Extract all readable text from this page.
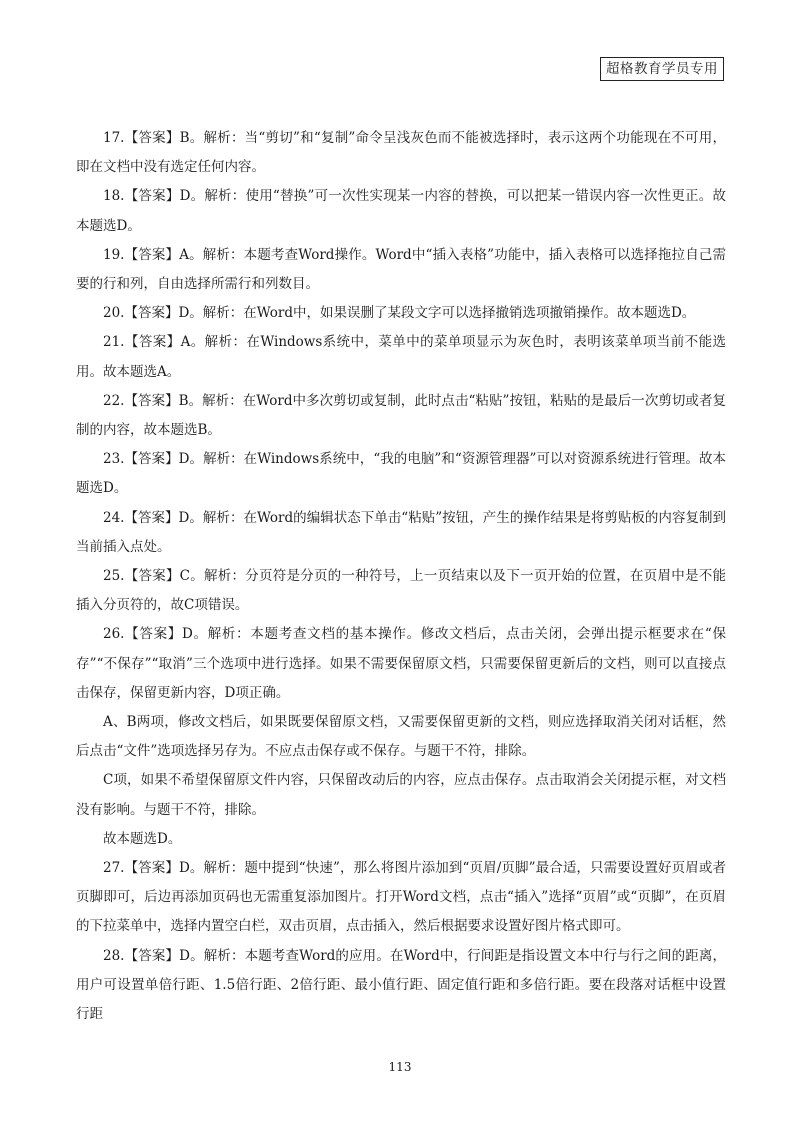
超格教育学员专用

17.【答案】B。解析：当“剪切”和“复制”命令呈浅灰色而不能被选择时，表示这两个功能现在不可用，即在文档中没有选定任何内容。

18.【答案】D。解析：使用“替换”可一次性实现某一内容的替换，可以把某一错误内容一次性更正。故本题选D。

19.【答案】A。解析：本题考查Word操作。Word中“插入表格”功能中，插入表格可以选择拖拉自己需要的行和列，自由选择所需行和列数目。

20.【答案】D。解析：在Word中，如果误删了某段文字可以选择撤销选项撤销操作。故本题选D。

21.【答案】A。解析：在Windows系统中，菜单中的菜单项显示为灰色时，表明该菜单项当前不能选用。故本题选A。

22.【答案】B。解析：在Word中多次剪切或复制，此时点击“粘贴”按钮，粘贴的是最后一次剪切或者复制的内容，故本题选B。

23.【答案】D。解析：在Windows系统中，“我的电脑”和“资源管理器”可以对资源系统进行管理。故本题选D。

24.【答案】D。解析：在Word的编辑状态下单击“粘贴”按钮，产生的操作结果是将剪贴板的内容复制到当前插入点处。

25.【答案】C。解析：分页符是分页的一种符号，上一页结束以及下一页开始的位置，在页眉中是不能插入分页符的，故C项错误。

26.【答案】D。解析：本题考查文档的基本操作。修改文档后，点击关闭，会弹出提示框要求在“保存”“不保存”“取消”三个选项中进行选择。如果不需要保留原文档，只需要保留更新后的文档，则可以直接点击保存，保留更新内容，D项正确。

A、B两项，修改文档后，如果既要保留原文档，又需要保留更新的文档，则应选择取消关闭对话框，然后点击“文件”选项选择另存为。不应点击保存或不保存。与题干不符，排除。

C项，如果不希望保留原文件内容，只保留改动后的内容，应点击保存。点击取消会关闭提示框，对文档没有影响。与题干不符，排除。

故本题选D。

27.【答案】D。解析：题中提到“快速”，那么将图片添加到“页眉/页脚”最合适，只需要设置好页眉或者页脚即可，后边再添加页码也无需重复添加图片。打开Word文档，点击“插入”选择“页眉”或“页脚”，在页眉的下拉菜单中，选择内置空白栏，双击页眉，点击插入，然后根据要求设置好图片格式即可。

28.【答案】D。解析：本题考查Word的应用。在Word中，行间距是指设置文本中行与行之间的距离，用户可设置单倍行距、1.5倍行距、2倍行距、最小值行距、固定值行距和多倍行距。要在段落对话框中设置行距

113
